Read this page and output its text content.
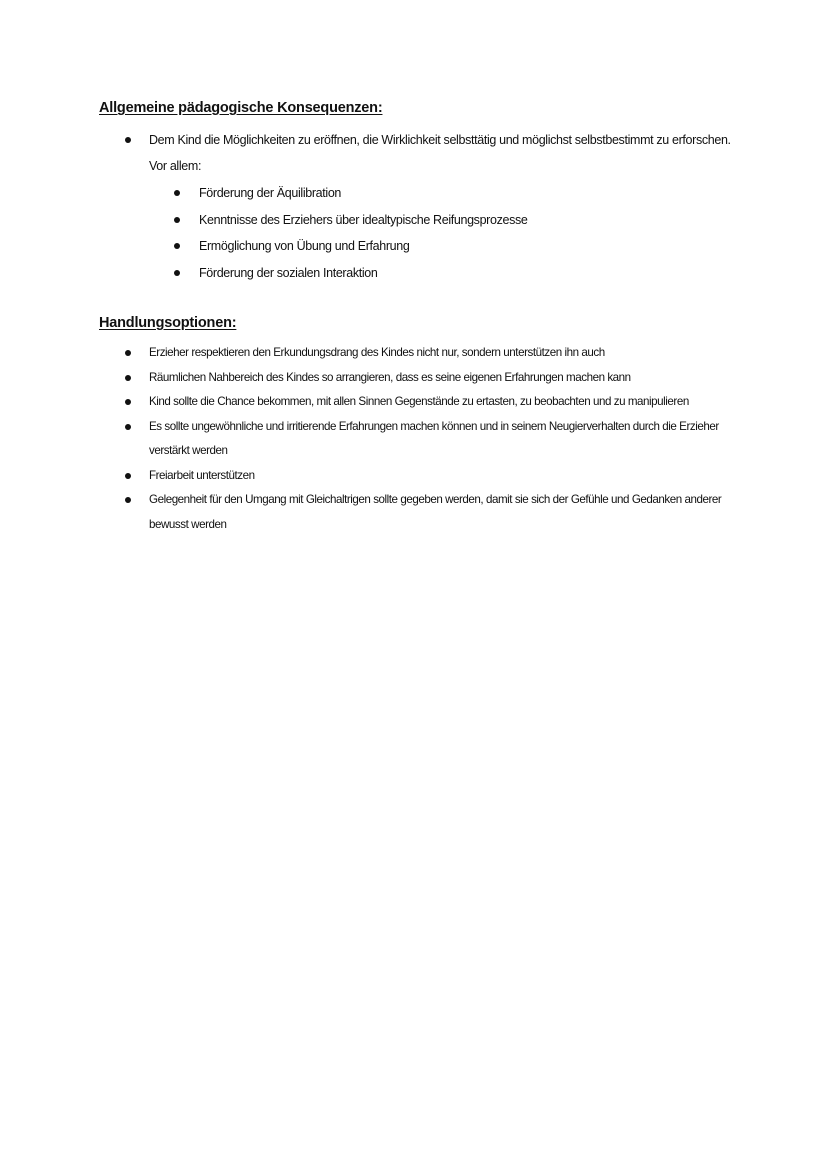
Allgemeine pädagogische Konsequenzen:
Dem Kind die Möglichkeiten zu eröffnen, die Wirklichkeit selbsttätig und möglichst selbstbestimmt zu erforschen. Vor allem:
Förderung der Äquilibration
Kenntnisse des Erziehers über idealtypische Reifungsprozesse
Ermöglichung von Übung und Erfahrung
Förderung der sozialen Interaktion
Handlungsoptionen:
Erzieher respektieren den Erkundungsdrang des Kindes nicht nur, sondern unterstützen ihn auch
Räumlichen Nahbereich des Kindes so arrangieren, dass es seine eigenen Erfahrungen machen kann
Kind sollte die Chance bekommen, mit allen Sinnen Gegenstände zu ertasten, zu beobachten und zu manipulieren
Es sollte ungewöhnliche und irritierende Erfahrungen machen können und in seinem Neugierverhalten durch die Erzieher verstärkt werden
Freiarbeit unterstützen
Gelegenheit für den Umgang mit Gleichaltrigen sollte gegeben werden, damit sie sich der Gefühle und Gedanken anderer bewusst werden
